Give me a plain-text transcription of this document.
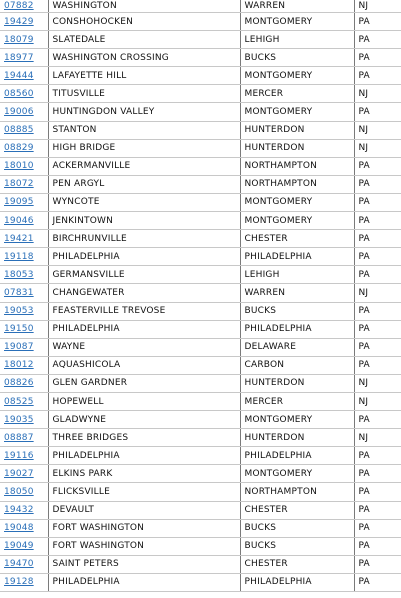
07882	WASHINGTON	WARREN	NJ
19429	CONSHOHOCKEN	MONTGOMERY	PA
18079	SLATEDALE	LEHIGH	PA
18977	WASHINGTON CROSSING	BUCKS	PA
19444	LAFAYETTE HILL	MONTGOMERY	PA
08560	TITUSVILLE	MERCER	NJ
19006	HUNTINGDON VALLEY	MONTGOMERY	PA
08885	STANTON	HUNTERDON	NJ
08829	HIGH BRIDGE	HUNTERDON	NJ
18010	ACKERMANVILLE	NORTHAMPTON	PA
18072	PEN ARGYL	NORTHAMPTON	PA
19095	WYNCOTE	MONTGOMERY	PA
19046	JENKINTOWN	MONTGOMERY	PA
19421	BIRCHRUNVILLE	CHESTER	PA
19118	PHILADELPHIA	PHILADELPHIA	PA
18053	GERMANSVILLE	LEHIGH	PA
07831	CHANGEWATER	WARREN	NJ
19053	FEASTERVILLE TREVOSE	BUCKS	PA
19150	PHILADELPHIA	PHILADELPHIA	PA
19087	WAYNE	DELAWARE	PA
18012	AQUASHICOLA	CARBON	PA
08826	GLEN GARDNER	HUNTERDON	NJ
08525	HOPEWELL	MERCER	NJ
19035	GLADWYNE	MONTGOMERY	PA
08887	THREE BRIDGES	HUNTERDON	NJ
19116	PHILADELPHIA	PHILADELPHIA	PA
19027	ELKINS PARK	MONTGOMERY	PA
18050	FLICKSVILLE	NORTHAMPTON	PA
19432	DEVAULT	CHESTER	PA
19048	FORT WASHINGTON	BUCKS	PA
19049	FORT WASHINGTON	BUCKS	PA
19470	SAINT PETERS	CHESTER	PA
19128	PHILADELPHIA	PHILADELPHIA	PA
